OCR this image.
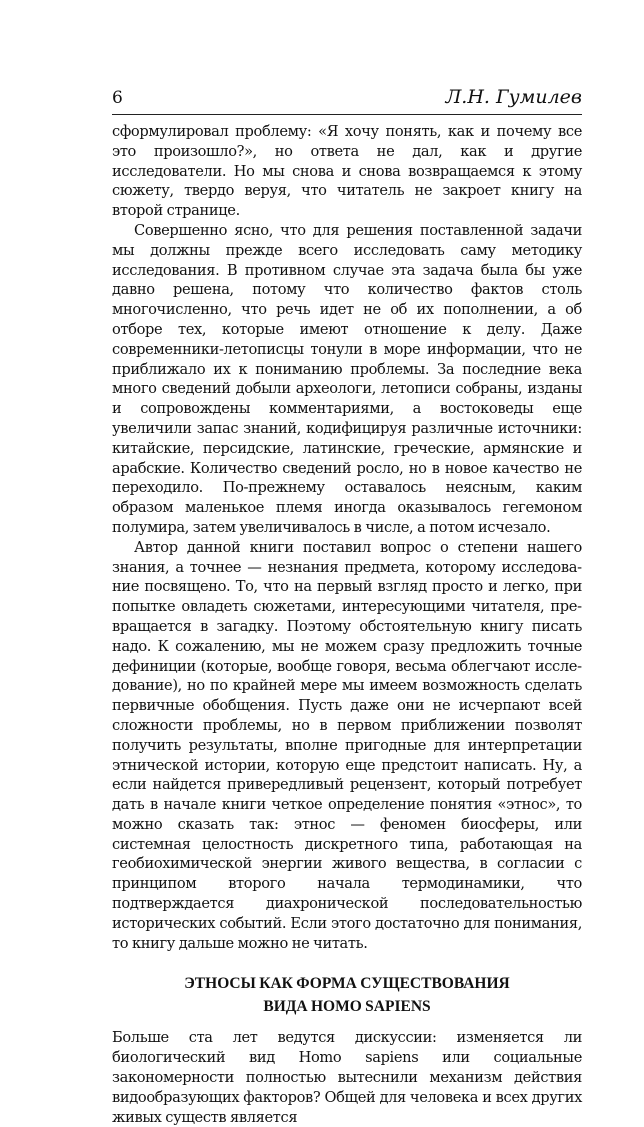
6	Л.Н. Гумилев

сформулировал проблему: «Я хочу понять, как и почему все это произошло?», но ответа не дал, как и другие исследователи. Но мы снова и снова возвращаемся к этому сюжету, твердо веруя, что читатель не закроет книгу на второй странице.

Совершенно ясно, что для решения поставленной задачи мы должны прежде всего исследовать саму методику исследования. В противном случае эта задача была бы уже давно решена, потому что количество фактов столь многочисленно, что речь идет не об их пополнении, а об отборе тех, которые имеют отношение к делу. Даже современники-летописцы тонули в море информации, что не приближало их к пониманию проблемы. За последние века много сведений добыли археологи, летописи собраны, изданы и сопровождены комментариями, а востоковеды еще увеличили запас знаний, кодифицируя различные источники: китайские, персидские, латинские, греческие, армянские и арабские. Количество сведений росло, но в новое качество не переходило. По-прежнему оставалось неясным, каким образом маленькое племя иногда оказывалось гегемоном полумира, затем увеличивалось в числе, а потом исчезало.

Автор данной книги поставил вопрос о степени нашего знания, а точнее — незнания предмета, которому исследование посвящено. То, что на первый взгляд просто и легко, при попытке овладеть сюжетами, интересующими читателя, превращается в загадку. Поэтому обстоятельную книгу писать надо. К сожалению, мы не можем сразу предложить точные дефиниции (которые, вообще говоря, весьма облегчают исследование), но по крайней мере мы имеем возможность сделать первичные обобщения. Пусть даже они не исчерпают всей сложности проблемы, но в первом приближении позволят получить результаты, вполне пригодные для интерпретации этнической истории, которую еще предстоит написать. Ну, а если найдется привередливый рецензент, который потребует дать в начале книги четкое определение понятия «этнос», то можно сказать так: этнос — феномен биосферы, или системная целостность дискретного типа, работающая на геобиохимической энергии живого вещества, в согласии с принципом второго начала термодинамики, что подтверждается диахронической последовательностью исторических событий. Если этого достаточно для понимания, то книгу дальше можно не читать.

ЭТНОСЫ КАК ФОРМА СУЩЕСТВОВАНИЯ
ВИДА HOMO SAPIENS

Больше ста лет ведутся дискуссии: изменяется ли биологический вид Homo sapiens или социальные закономерности полностью вытеснили механизм действия видообразующих факторов? Общей для человека и всех других живых существ является
